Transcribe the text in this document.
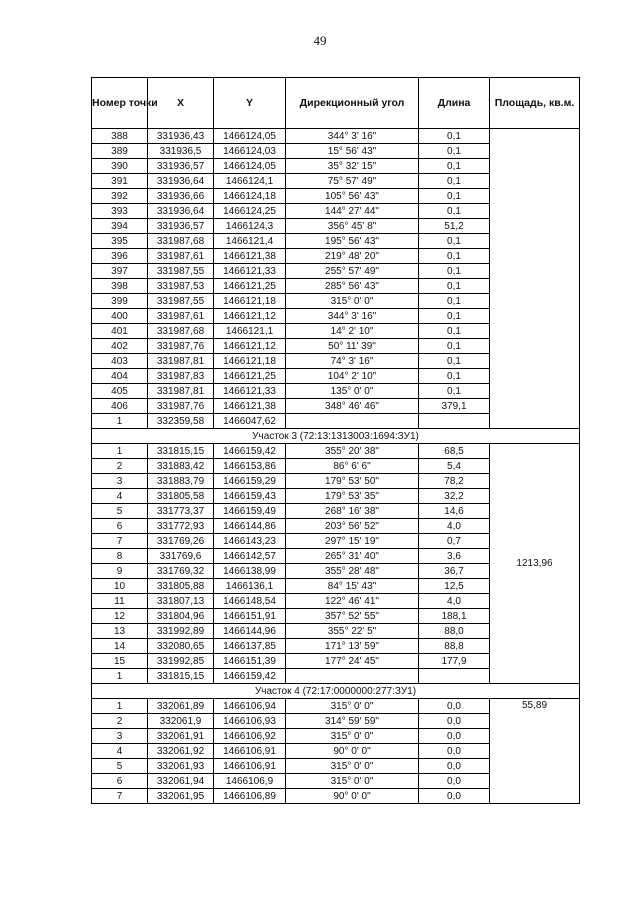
49
Номер точки	X	Y	Дирекционный угол	Длина	Площадь, кв.м.
388	331936,43	1466124,05	344° 3' 16"	0,1	
389	331936,5	1466124,03	15° 56' 43"	0,1	
390	331936,57	1466124,05	35° 32' 15"	0,1	
391	331936,64	1466124,1	75° 57' 49"	0,1	
392	331936,66	1466124,18	105° 56' 43"	0,1	
393	331936,64	1466124,25	144° 27' 44"	0,1	
394	331936,57	1466124,3	356° 45' 8"	51,2	
395	331987,68	1466121,4	195° 56' 43"	0,1	
396	331987,61	1466121,38	219° 48' 20"	0,1	
397	331987,55	1466121,33	255° 57' 49"	0,1	
398	331987,53	1466121,25	285° 56' 43"	0,1	
399	331987,55	1466121,18	315° 0' 0"	0,1	
400	331987,61	1466121,12	344° 3' 16"	0,1	
401	331987,68	1466121,1	14° 2' 10"	0,1	
402	331987,76	1466121,12	50° 11' 39"	0,1	
403	331987,81	1466121,18	74° 3' 16"	0,1	
404	331987,83	1466121,25	104° 2' 10"	0,1	
405	331987,81	1466121,33	135° 0' 0"	0,1	
406	331987,76	1466121,38	348° 46' 46"	379,1	
1	332359,58	1466047,62			
Участок 3 (72:13:1313003:1694:ЗУ1)					
1	331815,15	1466159,42	355° 20' 38"	68,5	1213,96
2	331883,42	1466153,86	86° 6' 6"	5,4	
3	331883,79	1466159,29	179° 53' 50"	78,2	
4	331805,58	1466159,43	179° 53' 35"	32,2	
5	331773,37	1466159,49	268° 16' 38"	14,6	
6	331772,93	1466144,86	203° 56' 52"	4,0	
7	331769,26	1466143,23	297° 15' 19"	0,7	
8	331769,6	1466142,57	265° 31' 40"	3,6	
9	331769,32	1466138,99	355° 28' 48"	36,7	
10	331805,88	1466136,1	84° 15' 43"	12,5	
11	331807,13	1466148,54	122° 46' 41"	4,0	
12	331804,96	1466151,91	357° 52' 55"	188,1	
13	331992,89	1466144,96	355° 22' 5"	88,0	
14	332080,65	1466137,85	171° 13' 59"	88,8	
15	331992,85	1466151,39	177° 24' 45"	177,9	
1	331815,15	1466159,42			
Участок 4 (72:17:0000000:277:ЗУ1)					
1	332061,89	1466106,94	315° 0' 0"	0,0	55,89
2	332061,9	1466106,93	314° 59' 59"	0,0	
3	332061,91	1466106,92	315° 0' 0"	0,0	
4	332061,92	1466106,91	90° 0' 0"	0,0	
5	332061,93	1466106,91	315° 0' 0"	0,0	
6	332061,94	1466106,9	315° 0' 0"	0,0	
7	332061,95	1466106,89	90° 0' 0"	0,0	
